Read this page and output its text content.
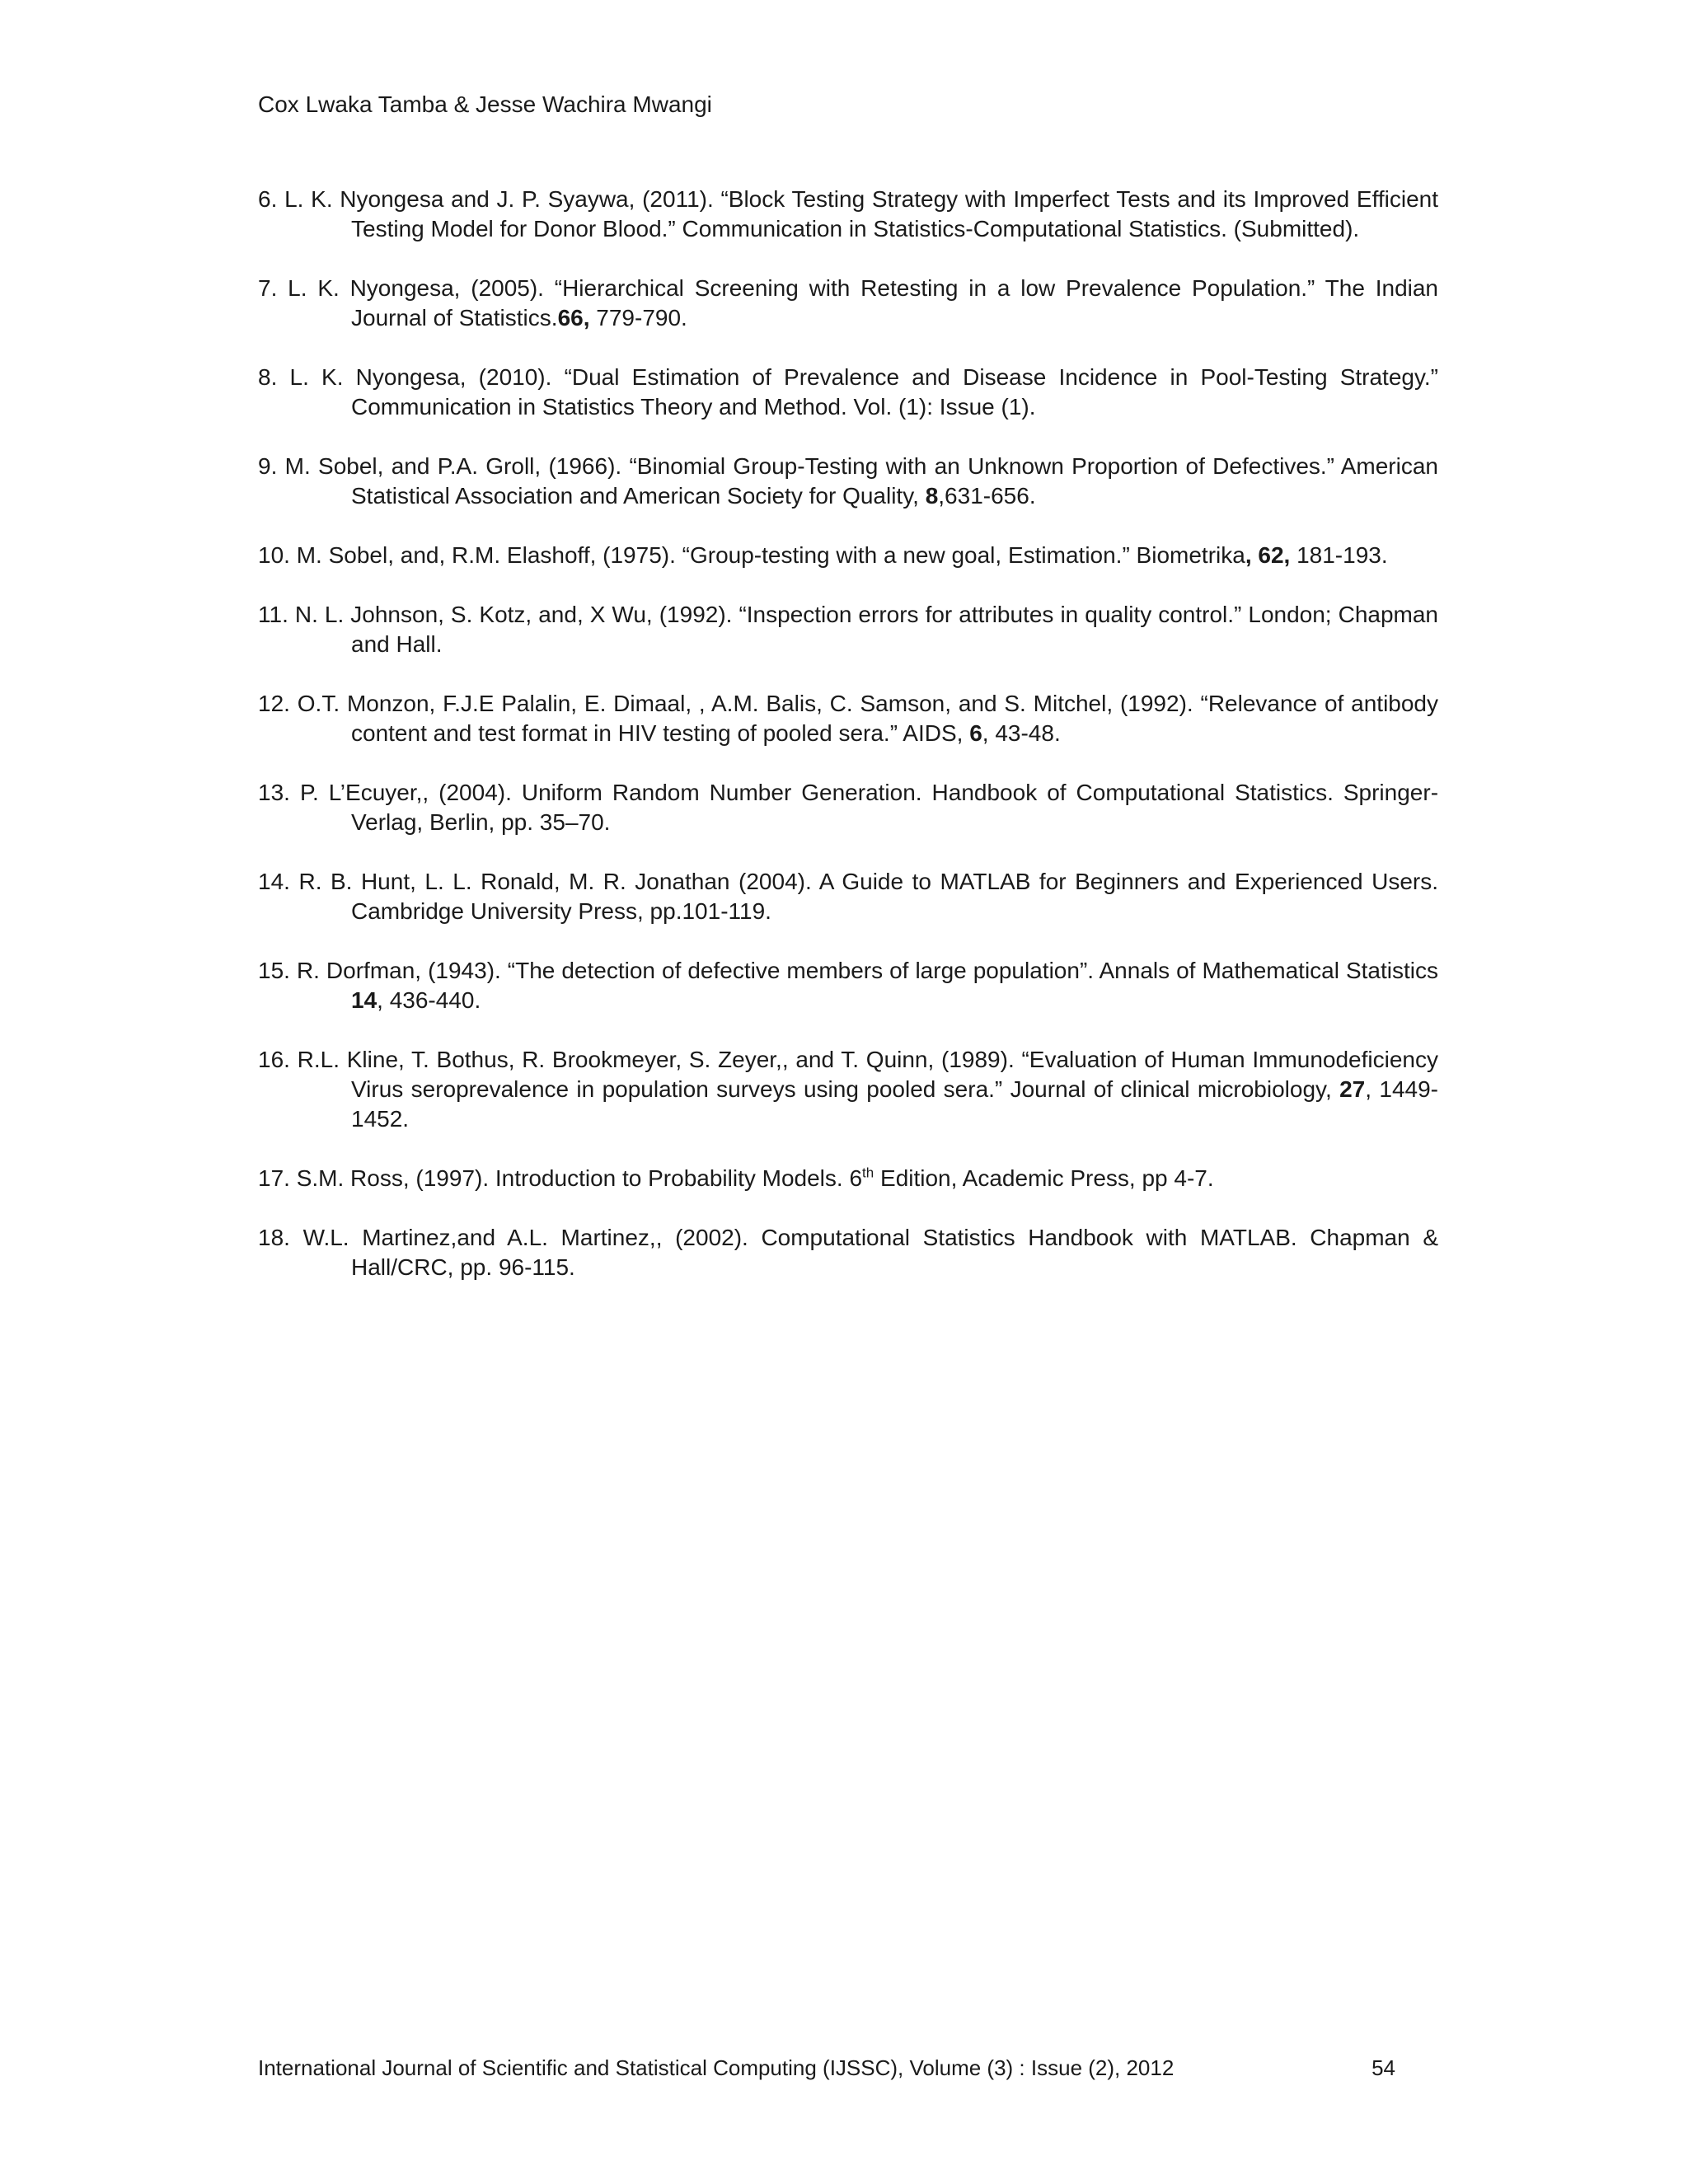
Cox Lwaka Tamba & Jesse Wachira Mwangi
6. L. K. Nyongesa and J. P. Syaywa, (2011). “Block Testing Strategy with Imperfect Tests and its Improved Efficient Testing Model for Donor Blood.” Communication in Statistics-Computational Statistics. (Submitted).
7. L. K. Nyongesa, (2005). “Hierarchical Screening with Retesting in a low Prevalence Population.” The Indian Journal of Statistics.66, 779-790.
8. L. K. Nyongesa, (2010). “Dual Estimation of Prevalence and Disease Incidence in Pool-Testing Strategy.” Communication in Statistics Theory and Method. Vol. (1): Issue (1).
9. M. Sobel, and P.A. Groll, (1966). “Binomial Group-Testing with an Unknown Proportion of Defectives.” American Statistical Association and American Society for Quality, 8,631-656.
10. M. Sobel, and, R.M. Elashoff, (1975). “Group-testing with a new goal, Estimation.” Biometrika, 62, 181-193.
11. N. L. Johnson, S. Kotz, and, X Wu, (1992). “Inspection errors for attributes in quality control.” London; Chapman and Hall.
12. O.T. Monzon, F.J.E Palalin, E. Dimaal, , A.M. Balis, C. Samson, and S. Mitchel, (1992). “Relevance of antibody content and test format in HIV testing of pooled sera.” AIDS, 6, 43-48.
13. P. L’Ecuyer,, (2004). Uniform Random Number Generation. Handbook of Computational Statistics. Springer-Verlag, Berlin, pp. 35–70.
14. R. B. Hunt, L. L. Ronald, M. R. Jonathan (2004). A Guide to MATLAB for Beginners and Experienced Users. Cambridge University Press, pp.101-119.
15. R. Dorfman, (1943). “The detection of defective members of large population”. Annals of Mathematical Statistics 14, 436-440.
16. R.L. Kline, T. Bothus, R. Brookmeyer, S. Zeyer,, and T. Quinn, (1989). “Evaluation of Human Immunodeficiency Virus seroprevalence in population surveys using pooled sera.” Journal of clinical microbiology, 27, 1449-1452.
17. S.M. Ross, (1997). Introduction to Probability Models. 6th Edition, Academic Press, pp 4-7.
18. W.L. Martinez,and A.L. Martinez,, (2002). Computational Statistics Handbook with MATLAB. Chapman & Hall/CRC, pp. 96-115.
International Journal of Scientific and Statistical Computing (IJSSC), Volume (3) : Issue (2), 2012	54
